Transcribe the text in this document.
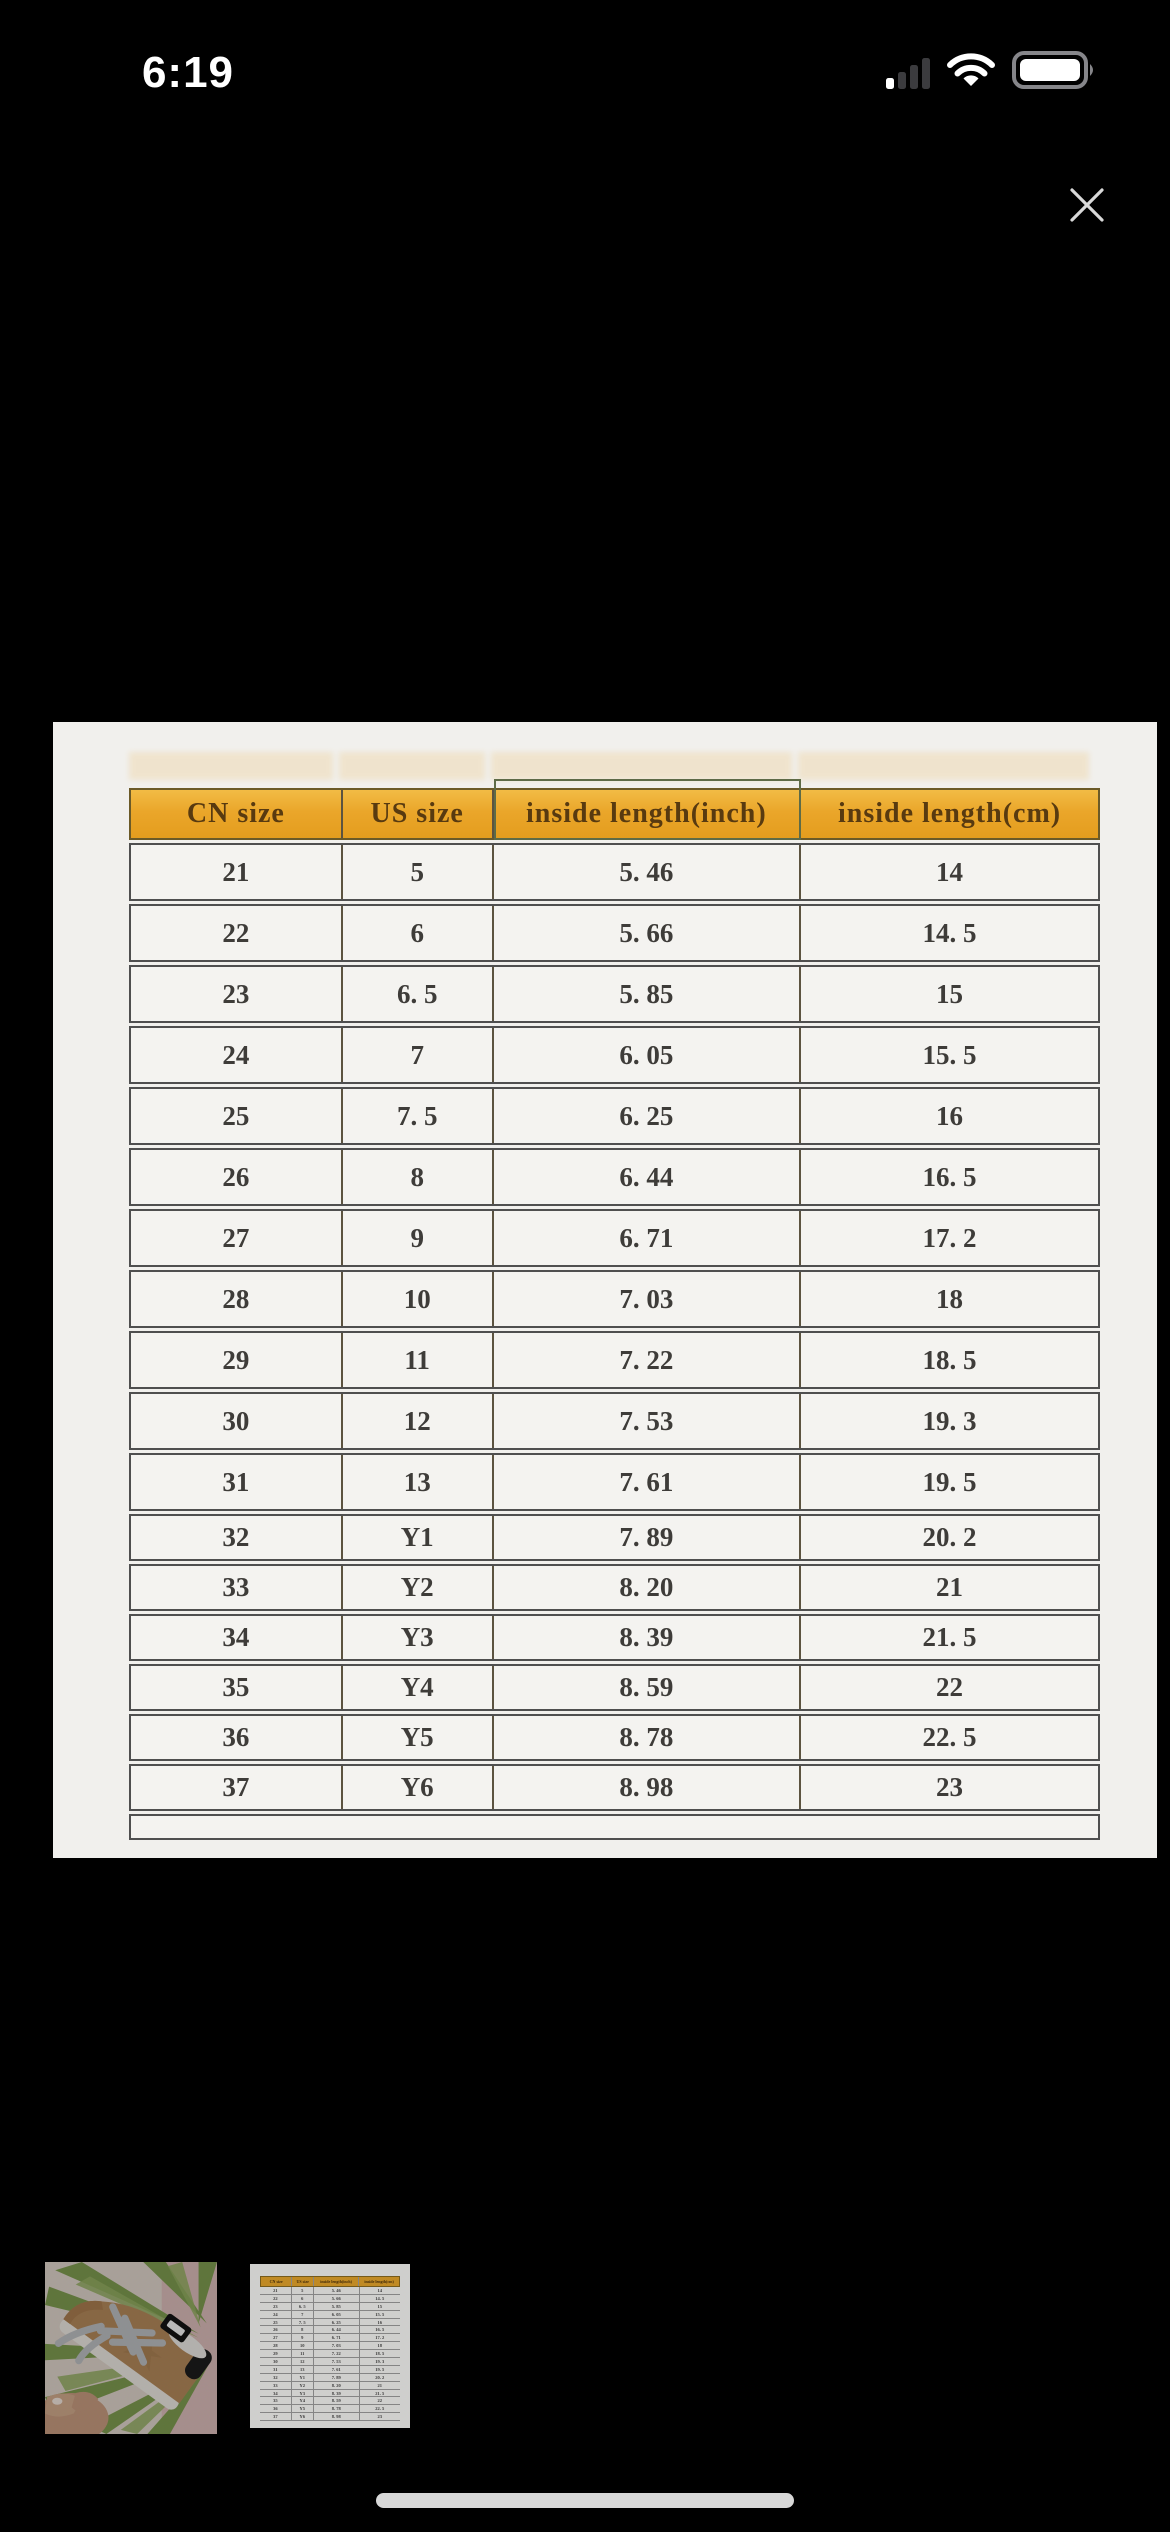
6:19
CN size	US size	inside length(inch)	inside length(cm)
21	5	5. 46	14
22	6	5. 66	14. 5
23	6. 5	5. 85	15
24	7	6. 05	15. 5
25	7. 5	6. 25	16
26	8	6. 44	16. 5
27	9	6. 71	17. 2
28	10	7. 03	18
29	11	7. 22	18. 5
30	12	7. 53	19. 3
31	13	7. 61	19. 5
32	Y1	7. 89	20. 2
33	Y2	8. 20	21
34	Y3	8. 39	21. 5
35	Y4	8. 59	22
36	Y5	8. 78	22. 5
37	Y6	8. 98	23
CN size	US size	inside length(inch)	inside length(cm)
21	5	5. 46	14
22	6	5. 66	14. 5
23	6. 5	5. 85	15
24	7	6. 05	15. 5
25	7. 5	6. 25	16
26	8	6. 44	16. 5
27	9	6. 71	17. 2
28	10	7. 03	18
29	11	7. 22	18. 5
30	12	7. 53	19. 3
31	13	7. 61	19. 5
32	Y1	7. 89	20. 2
33	Y2	8. 20	21
34	Y3	8. 39	21. 5
35	Y4	8. 59	22
36	Y5	8. 78	22. 5
37	Y6	8. 98	23
